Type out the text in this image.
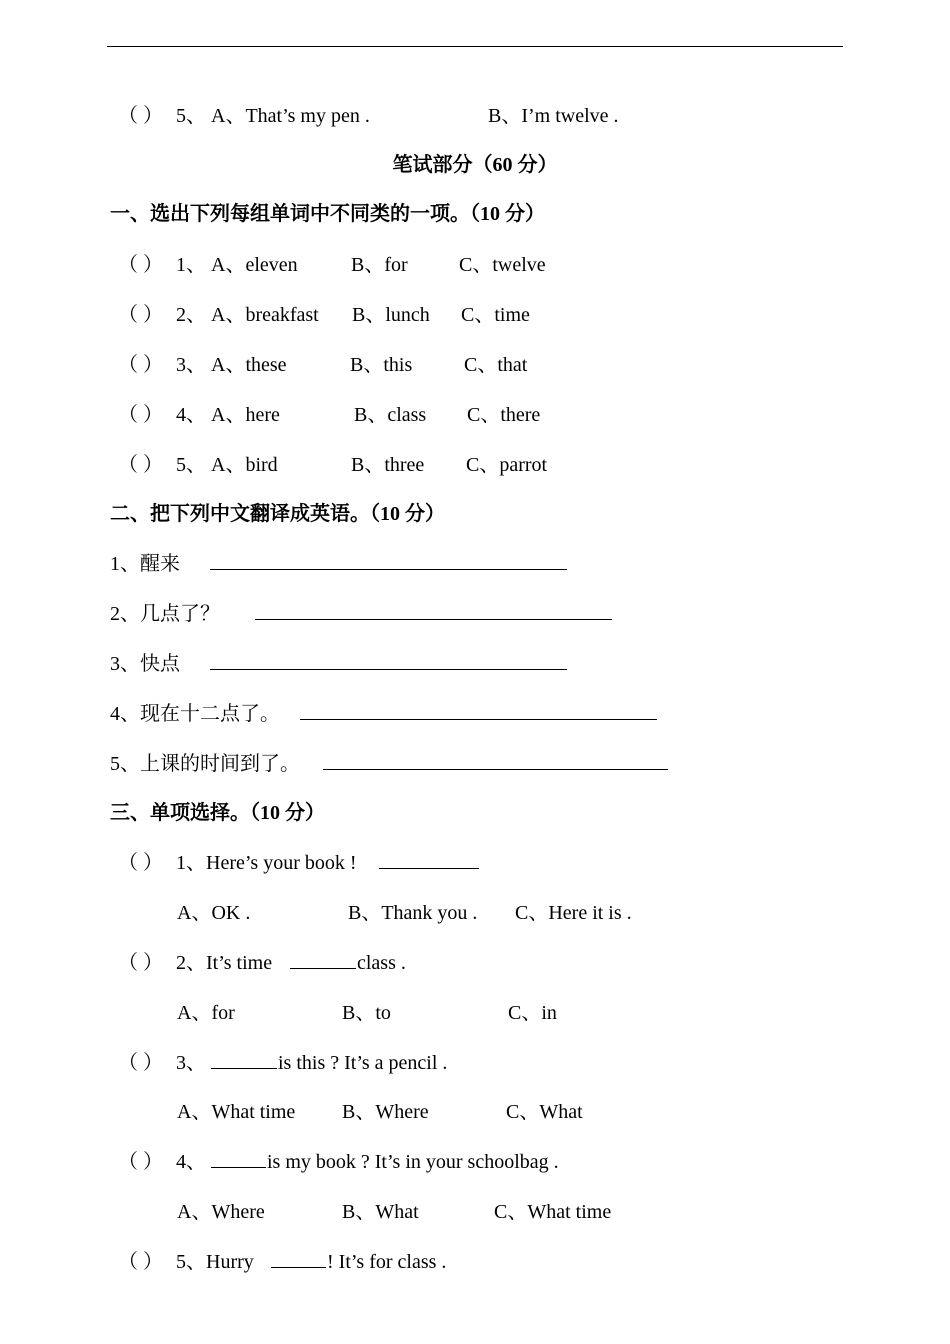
（ ） 5、 A、That’s my pen .	B、I’m twelve .
笔试部分（60 分）
一、选出下列每组单词中不同类的一项。（10 分）
（ ） 1、 A、eleven	B、for	C、twelve
（ ） 2、 A、breakfast B、lunch C、time
（ ） 3、 A、these	B、this	C、that
（ ） 4、 A、here	B、class C、there
（ ） 5、 A、bird	B、three C、parrot
二、把下列中文翻译成英语。（10 分）
1、醒来
2、几点了？
3、快点
4、现在十二点了。
5、上课的时间到了。
三、单项选择。（10 分）
（ ） 1、Here’s your book !
A、OK .	B、Thank you . C、Here it is .
（ ） 2、It’s time	class .
A、for	B、to	C、in
（ ） 3、	is this ? It’s a pencil .
A、What time B、Where	C、What
（ ） 4、	is my book ? It’s in your schoolbag .
A、Where	B、What	C、What time
（ ） 5、Hurry	! It’s for class .
